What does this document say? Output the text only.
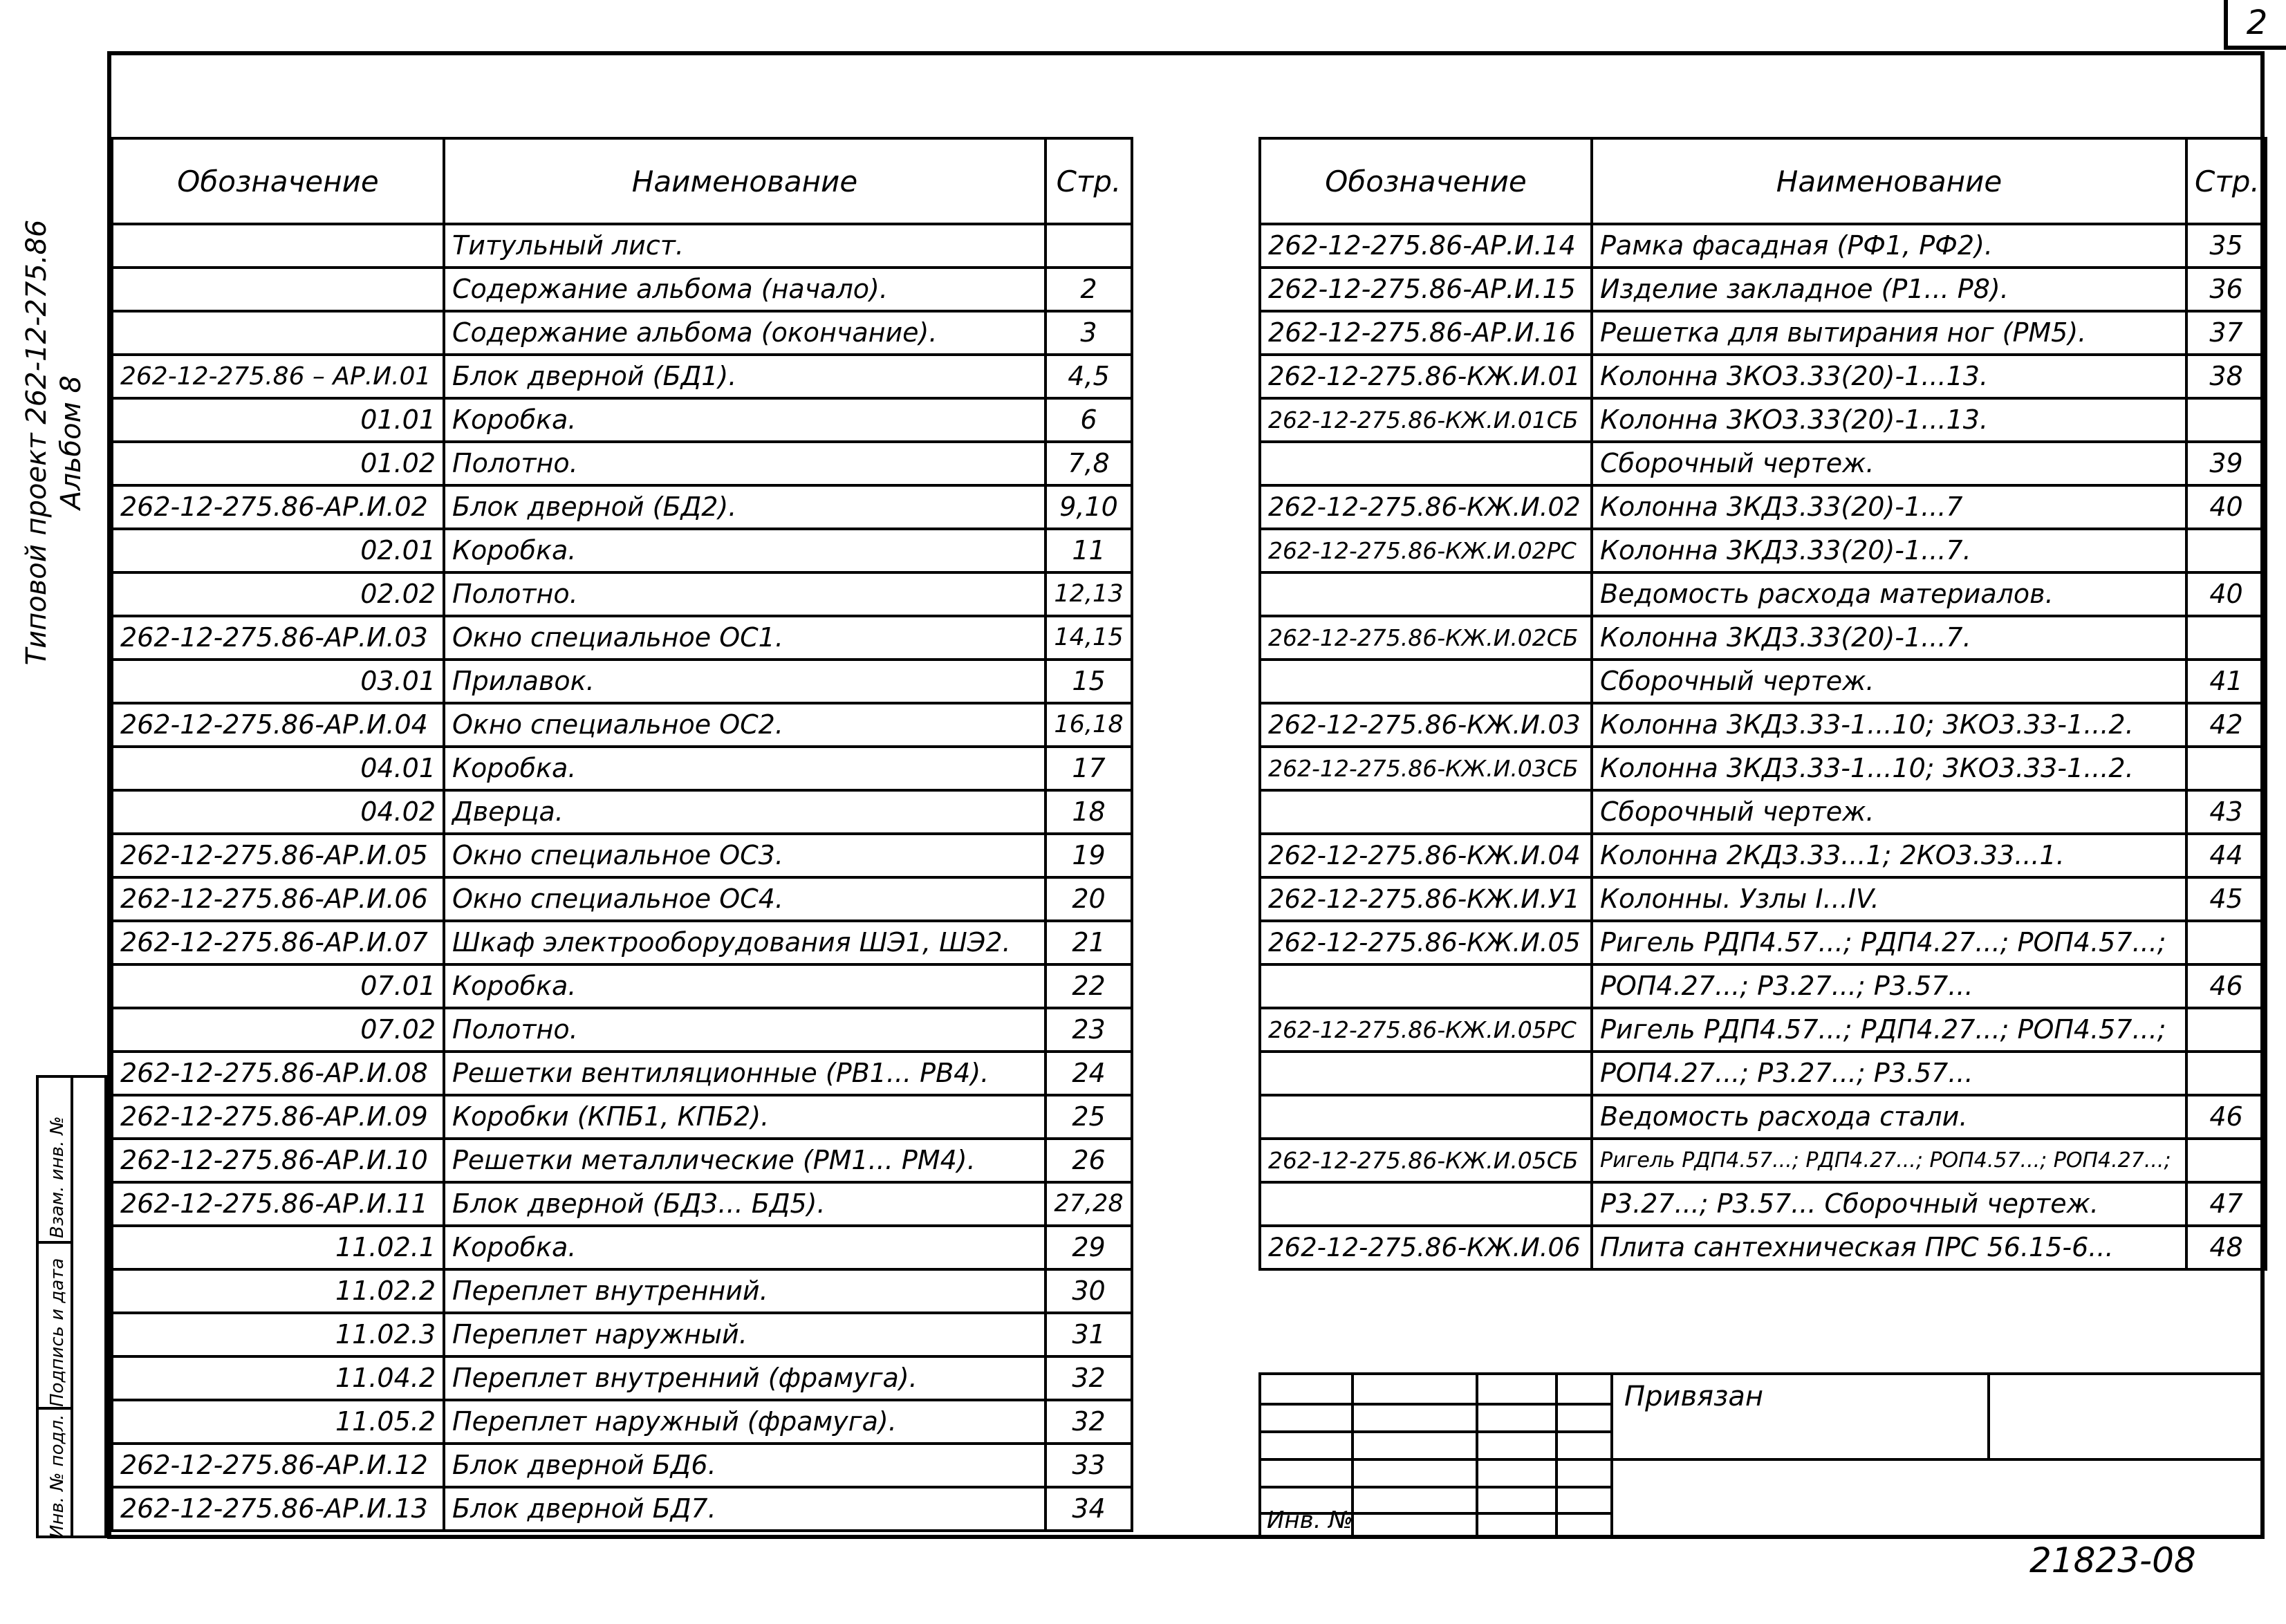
2
Типовой проект 262-12-275.86 Альбом 8
Взам. инв. №
Подпись и дата
Инв. № подл.
Обозначение	Наименование	Стр.
	Титульный лист.	
	Содержание альбома (начало).	2
	Содержание альбома (окончание).	3
262-12-275.86 – АР.И.01	Блок дверной (БД1).	4,5
01.01	Коробка.	6
01.02	Полотно.	7,8
262-12-275.86-АР.И.02	Блок дверной (БД2).	9,10
02.01	Коробка.	11
02.02	Полотно.	12,13
262-12-275.86-АР.И.03	Окно специальное ОС1.	14,15
03.01	Прилавок.	15
262-12-275.86-АР.И.04	Окно специальное ОС2.	16,18
04.01	Коробка.	17
04.02	Дверца.	18
262-12-275.86-АР.И.05	Окно специальное ОС3.	19
262-12-275.86-АР.И.06	Окно специальное ОС4.	20
262-12-275.86-АР.И.07	Шкаф электрооборудования ШЭ1, ШЭ2.	21
07.01	Коробка.	22
07.02	Полотно.	23
262-12-275.86-АР.И.08	Решетки вентиляционные (РВ1... РВ4).	24
262-12-275.86-АР.И.09	Коробки (КПБ1, КПБ2).	25
262-12-275.86-АР.И.10	Решетки металлические (РМ1... РМ4).	26
262-12-275.86-АР.И.11	Блок дверной (БД3... БД5).	27,28
11.02.1	Коробка.	29
11.02.2	Переплет внутренний.	30
11.02.3	Переплет наружный.	31
11.04.2	Переплет внутренний (фрамуга).	32
11.05.2	Переплет наружный (фрамуга).	32
262-12-275.86-АР.И.12	Блок дверной БД6.	33
262-12-275.86-АР.И.13	Блок дверной БД7.	34
Обозначение	Наименование	Стр.
262-12-275.86-АР.И.14	Рамка фасадная (РФ1, РФ2).	35
262-12-275.86-АР.И.15	Изделие закладное (Р1... Р8).	36
262-12-275.86-АР.И.16	Решетка для вытирания ног (РМ5).	37
262-12-275.86-КЖ.И.01	Колонна 3КО3.33(20)-1...13.	38
262-12-275.86-КЖ.И.01СБ	Колонна 3КО3.33(20)-1...13.	
	Сборочный чертеж.	39
262-12-275.86-КЖ.И.02	Колонна 3КД3.33(20)-1...7	40
262-12-275.86-КЖ.И.02РС	Колонна 3КД3.33(20)-1...7.	
	Ведомость расхода материалов.	40
262-12-275.86-КЖ.И.02СБ	Колонна 3КД3.33(20)-1...7.	
	Сборочный чертеж.	41
262-12-275.86-КЖ.И.03	Колонна 3КД3.33-1...10; 3КО3.33-1...2.	42
262-12-275.86-КЖ.И.03СБ	Колонна 3КД3.33-1...10; 3КО3.33-1...2.	
	Сборочный чертеж.	43
262-12-275.86-КЖ.И.04	Колонна 2КД3.33...1; 2КО3.33...1.	44
262-12-275.86-КЖ.И.У1	Колонны. Узлы I...IV.	45
262-12-275.86-КЖ.И.05	Ригель РДП4.57...; РДП4.27...; РОП4.57...;	
	РОП4.27...; Р3.27...; Р3.57...	46
262-12-275.86-КЖ.И.05РС	Ригель РДП4.57...; РДП4.27...; РОП4.57...;	
	РОП4.27...; Р3.27...; Р3.57...	
	Ведомость расхода стали.	46
262-12-275.86-КЖ.И.05СБ	Ригель РДП4.57...; РДП4.27...; РОП4.57...; РОП4.27...;	
	Р3.27...; Р3.57... Сборочный чертеж.	47
262-12-275.86-КЖ.И.06	Плита сантехническая ПРС 56.15-6...	48
Привязан
Инв. №
21823-08
